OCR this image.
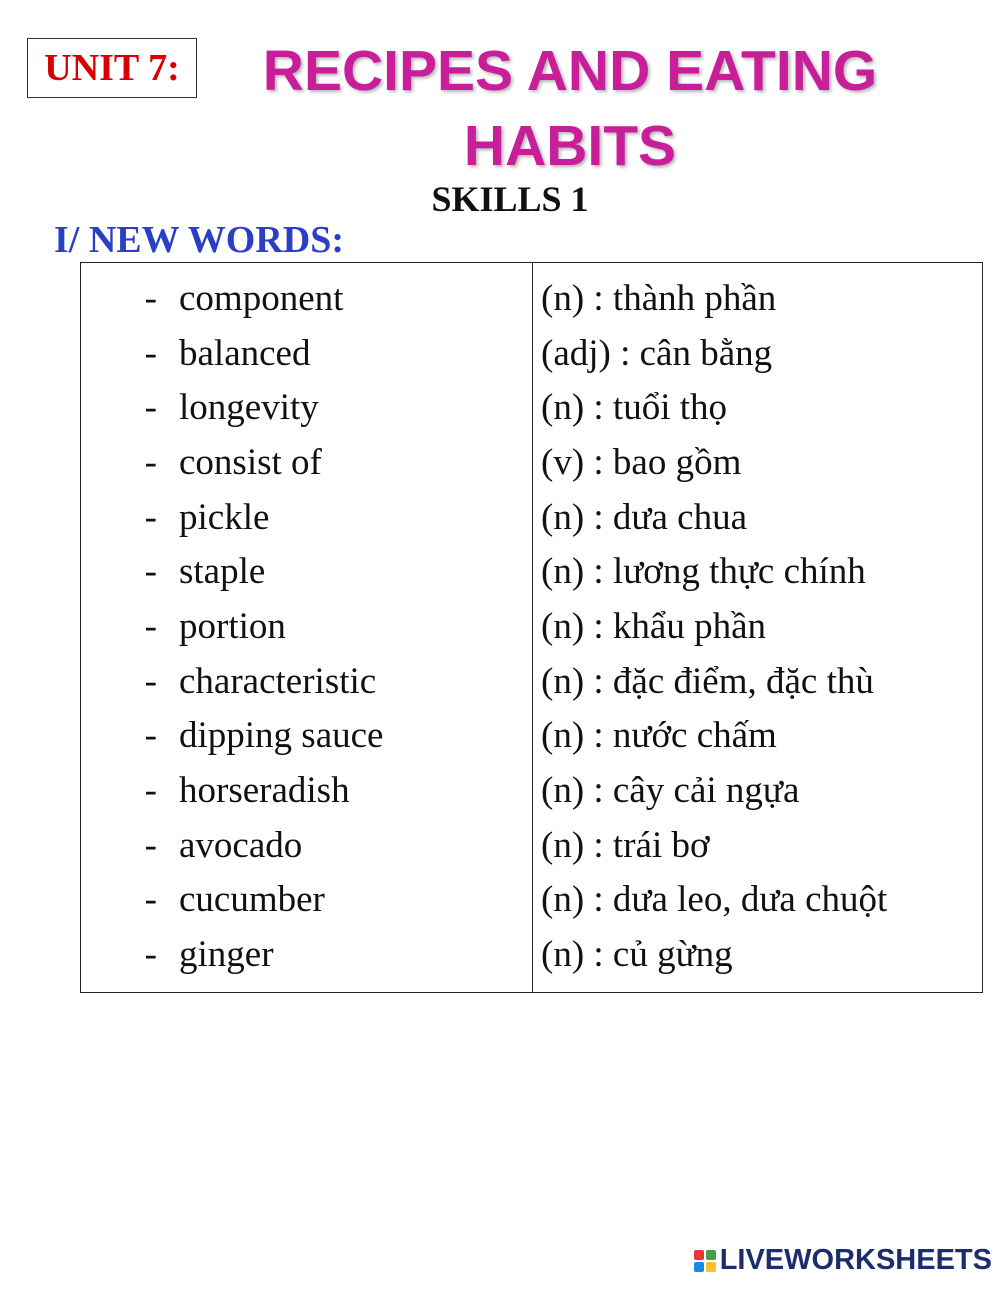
UNIT 7:	RECIPES AND EATING
HABITS
SKILLS 1
I/ NEW WORDS:
- component
- balanced
- longevity
- consist of
- pickle
- staple
- portion
- characteristic
- dipping sauce
- horseradish
- avocado
- cucumber
- ginger
(n) : thành phần
(adj) : cân bằng
(n) : tuổi thọ
(v) : bao gồm
(n) : dưa chua
(n) : lương thực chính
(n) : khẩu phần
(n) : đặc điểm, đặc thù
(n) : nước chấm
(n) : cây cải ngựa
(n) : trái bơ
(n) : dưa leo, dưa chuột
(n) : củ gừng
LIVEWORKSHEETS
